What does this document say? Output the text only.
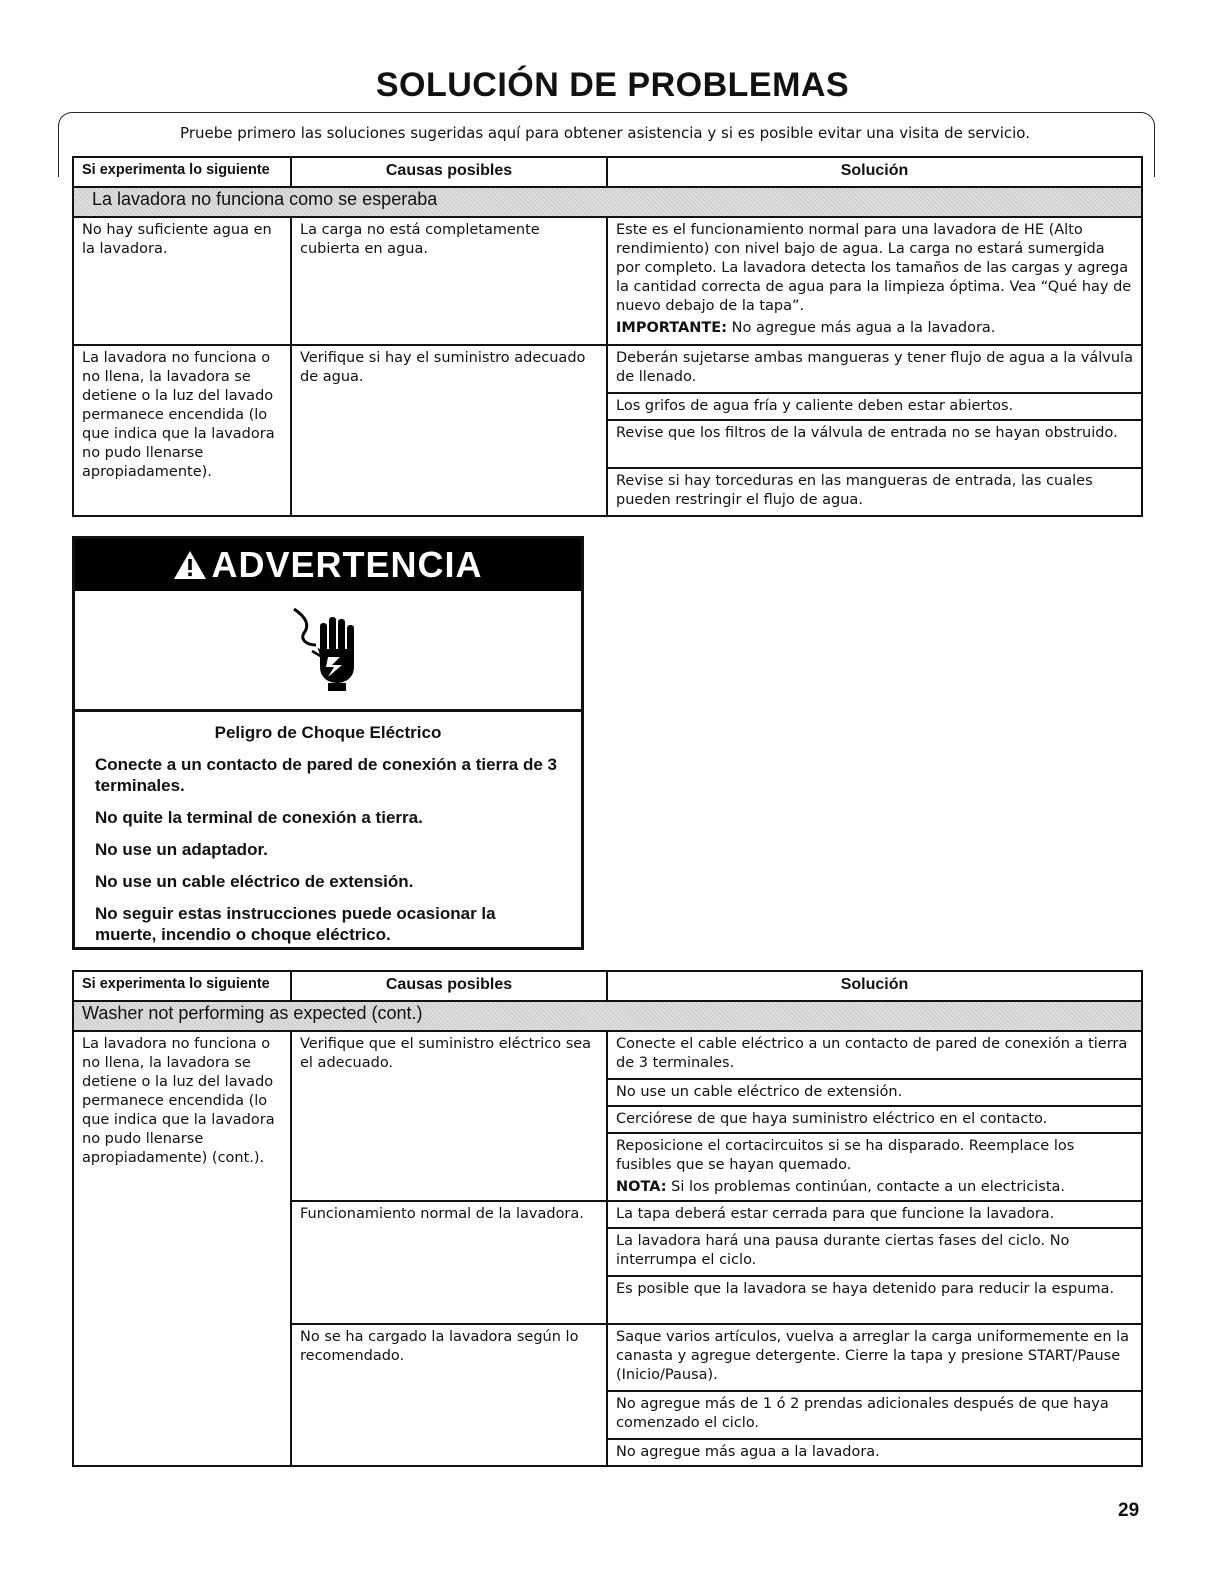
SOLUCIÓN DE PROBLEMAS
Pruebe primero las soluciones sugeridas aquí para obtener asistencia y si es posible evitar una visita de servicio.
Si experimenta lo siguiente	Causas posibles	Solución
La lavadora no funciona como se esperaba		
No hay suficiente agua en la lavadora.	La carga no está completamente cubierta en agua.	Este es el funcionamiento normal para una lavadora de HE (Alto rendimiento) con nivel bajo de agua. La carga no estará sumergida por completo. La lavadora detecta los tamaños de las cargas y agrega la cantidad correcta de agua para la limpieza óptima. Vea “Qué hay de nuevo debajo de la tapa”.
IMPORTANTE: No agregue más agua a la lavadora.

La lavadora no funciona o no llena, la lavadora se detiene o la luz del lavado permanece encendida (lo que indica que la lavadora no pudo llenarse apropiadamente).	Verifique si hay el suministro adecuado de agua.	Deberán sujetarse ambas mangueras y tener flujo de agua a la válvula de llenado.
		Los grifos de agua fría y caliente deben estar abiertos.
		Revise que los filtros de la válvula de entrada no se hayan obstruido.
		Revise si hay torceduras en las mangueras de entrada, las cuales pueden restringir el flujo de agua.
ADVERTENCIA

Peligro de Choque Eléctrico

Conecte a un contacto de pared de conexión a tierra de 3 terminales.

No quite la terminal de conexión a tierra.

No use un adaptador.

No use un cable eléctrico de extensión.

No seguir estas instrucciones puede ocasionar la muerte, incendio o choque eléctrico.

Si experimenta lo siguiente	Causas posibles	Solución
Washer not performing as expected (cont.)		
La lavadora no funciona o no llena, la lavadora se detiene o la luz del lavado permanece encendida (lo que indica que la lavadora no pudo llenarse apropiadamente) (cont.).	Verifique que el suministro eléctrico sea el adecuado.	Conecte el cable eléctrico a un contacto de pared de conexión a tierra de 3 terminales.
		No use un cable eléctrico de extensión.
		Cerciórese de que haya suministro eléctrico en el contacto.

		Reposicione el cortacircuitos si se ha disparado. Reemplace los fusibles que se hayan quemado.
NOTA: Si los problemas continúan, contacte a un electricista.

	Funcionamiento normal de la lavadora.	La tapa deberá estar cerrada para que funcione la lavadora.
		La lavadora hará una pausa durante ciertas fases del ciclo. No interrumpa el ciclo.
		Es posible que la lavadora se haya detenido para reducir la espuma.
	No se ha cargado la lavadora según lo recomendado.	Saque varios artículos, vuelva a arreglar la carga uniformemente en la canasta y agregue detergente. Cierre la tapa y presione START/Pause (Inicio/Pausa).
		No agregue más de 1 ó 2 prendas adicionales después de que haya comenzado el ciclo.
		No agregue más agua a la lavadora.
29
